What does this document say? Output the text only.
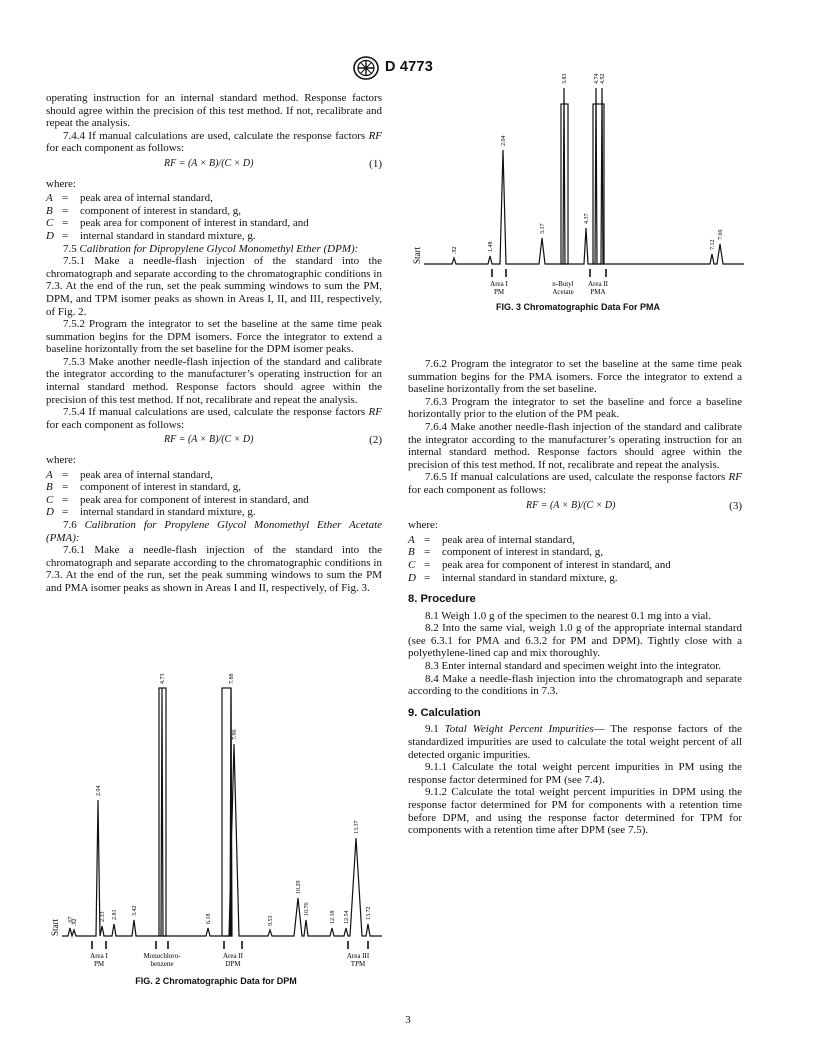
D 4773

operating instruction for an internal standard method. Response factors should agree within the precision of this test method. If not, recalibrate and repeat the analysis.

7.4.4 If manual calculations are used, calculate the response factors RF for each component as follows:

RF = (A × B)/(C × D)	(1)

where:

A =	peak area of internal standard,
B =	component of interest in standard, g,
C =	peak area for component of interest in standard, and
D =	internal standard in standard mixture, g.

7.5 Calibration for Dipropylene Glycol Monomethyl Ether (DPM):

7.5.1 Make a needle-flash injection of the standard into the chromatograph and separate according to the chromatographic conditions in 7.3. At the end of the run, set the peak summing windows to sum the PM, DPM, and TPM isomer peaks as shown in Areas I, II, and III, respectively, of Fig. 2.

7.5.2 Program the integrator to set the baseline at the same time peak summation begins for the DPM isomers. Force the integrator to extend a baseline horizontally from the set baseline for the DPM isomer peaks.

7.5.3 Make another needle-flash injection of the standard and calibrate the integrator according to the manufacturer’s operating instruction for an internal standard method. Response factors should agree within the precision of this test method. If not, recalibrate and repeat the analysis.

7.5.4 If manual calculations are used, calculate the response factors RF for each component as follows:

RF = (A × B)/(C × D)	(2)

where:

A =	peak area of internal standard,
B =	component of interest in standard, g,
C =	peak area for component of interest in standard, and
D =	internal standard in standard mixture, g.

7.6 Calibration for Propylene Glycol Monomethyl Ether Acetate (PMA):

7.6.1 Make a needle-flash injection of the standard into the chromatograph and separate according to the chromatographic conditions in 7.3. At the end of the run, set the peak summing windows to sum the PM and PMA isomer peaks as shown in Areas I and II, respectively, of Fig. 3.

.67
.92
2.04
2.33 2.81 3.42
4.73
6.18
7.88
7.96
9.53
10.29
10.76
12.18 12.54
13.37
13.72
Start
Area I
PM
Monochloro-
benzene
Area II
DPM
Area III
TPM
FIG. 2 Chromatographic Data for DPM
.92	1.48
2.04
3.17
3.83
4.37
4.74 4.92
7.12
7.69
Start
Area I
PM
n-Butyl
Acetate
Area II
PMA
FIG. 3 Chromatographic Data For PMA

7.6.2 Program the integrator to set the baseline at the same time peak summation begins for the PMA isomers. Force the integrator to extend a baseline horizontally from the set baseline.

7.6.3 Program the integrator to set the baseline and force a baseline horizontally prior to the elution of the PM peak.

7.6.4 Make another needle-flash injection of the standard and calibrate the integrator according to the manufacturer’s operating instruction for an internal standard method. Response factors should agree within the precision of this test method. If not, recalibrate and repeat the analysis.

7.6.5 If manual calculations are used, calculate the response factors RF for each component as follows:

RF = (A × B)/(C × D)	(3)

where:

A =	peak area of internal standard,
B =	component of interest in standard, g,
C =	peak area for component of interest in standard, and
D =	internal standard in standard mixture, g.
8. Procedure

8.1 Weigh 1.0 g of the specimen to the nearest 0.1 mg into a vial.

8.2 Into the same vial, weigh 1.0 g of the appropriate internal standard (see 6.3.1 for PMA and 6.3.2 for PM and DPM). Tightly close with a polyethylene-lined cap and mix thoroughly.

8.3 Enter internal standard and specimen weight into the integrator.

8.4 Make a needle-flash injection into the chromatograph and separate according to the conditions in 7.3.

9. Calculation

9.1 Total Weight Percent Impurities— The response factors of the standardized impurities are used to calculate the total weight percent of all detected organic impurities.

9.1.1 Calculate the total weight percent impurities in PM using the response factor determined for PM (see 7.4).

9.1.2 Calculate the total weight percent impurities in DPM using the response factor determined for PM for components with a retention time before DPM, and using the response factor determined for TPM for components with a retention time after DPM (see 7.5).

3
